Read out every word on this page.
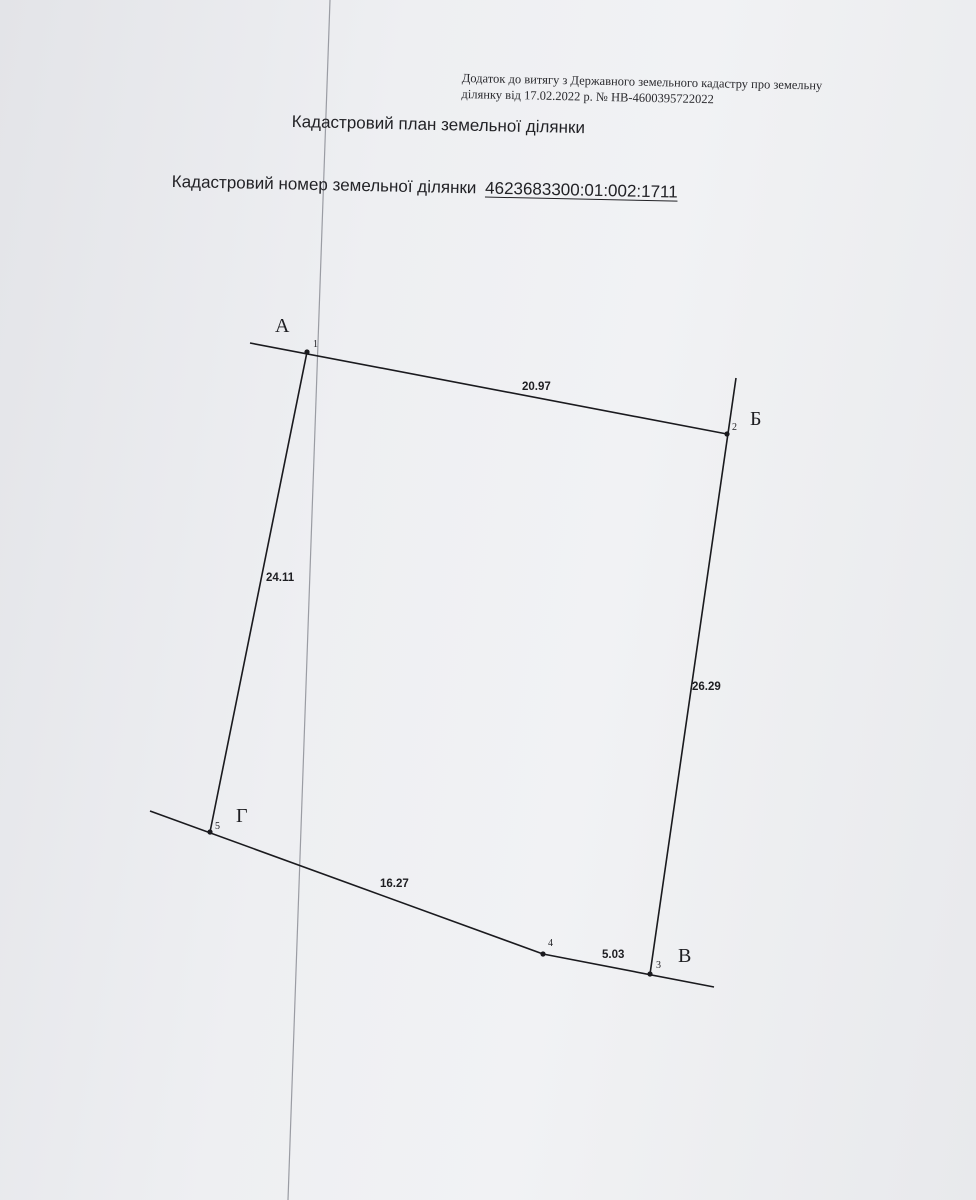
Додаток до витягу з Державного земельного кадастру про земельну ділянку від 17.02.2022 р. № НВ-4600395722022
Кадастровий план земельної ділянки
Кадастровий номер земельної ділянки 4623683300:01:002:1711
А
Б
В
Г
1
2
3
4
5
20.97
26.29
5.03
16.27
24.11
